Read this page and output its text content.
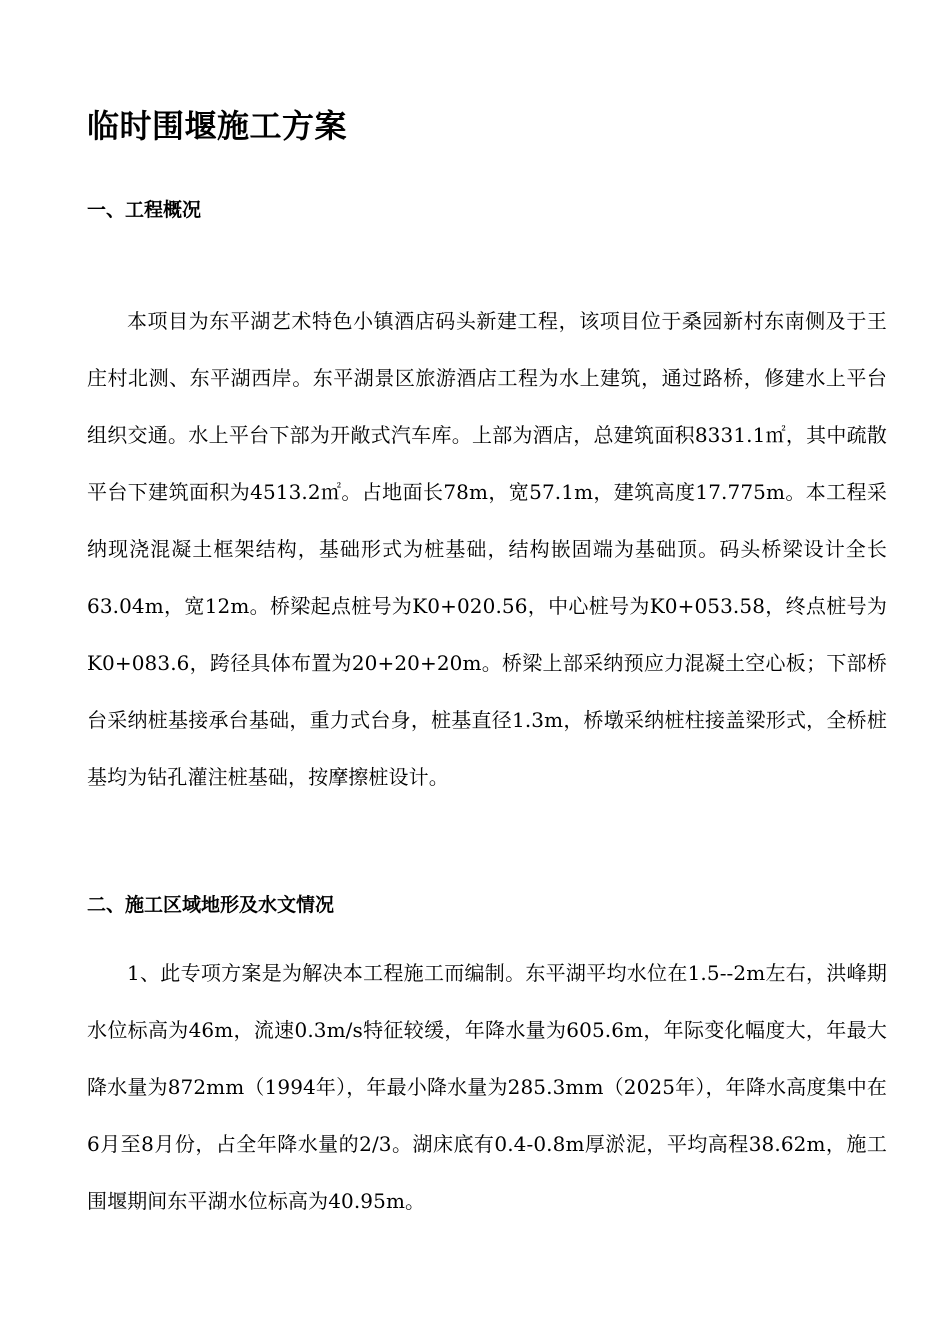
临时围堰施工方案
一、工程概况

本项目为东平湖艺术特色小镇酒店码头新建工程，该项目位于桑园新村东南侧及于王庄村北测、东平湖西岸。东平湖景区旅游酒店工程为水上建筑，通过路桥，修建水上平台组织交通。水上平台下部为开敞式汽车库。上部为酒店，总建筑面积8331.1㎡，其中疏散平台下建筑面积为4513.2㎡。占地面长78m，宽57.1m，建筑高度17.775m。本工程采纳现浇混凝土框架结构，基础形式为桩基础，结构嵌固端为基础顶。码头桥梁设计全长63.04m，宽12m。桥梁起点桩号为K0+020.56，中心桩号为K0+053.58，终点桩号为K0+083.6，跨径具体布置为20+20+20m。桥梁上部采纳预应力混凝土空心板；下部桥台采纳桩基接承台基础，重力式台身，桩基直径1.3m，桥墩采纳桩柱接盖梁形式，全桥桩基均为钻孔灌注桩基础，按摩擦桩设计。

二、施工区域地形及水文情况

1、此专项方案是为解决本工程施工而编制。东平湖平均水位在1.5--2m左右，洪峰期水位标高为46m，流速0.3m/s特征较缓，年降水量为605.6m，年际变化幅度大，年最大降水量为872mm（1994年），年最小降水量为285.3mm（2025年），年降水高度集中在6月至8月份，占全年降水量的2/3。湖床底有0.4-0.8m厚淤泥，平均高程38.62m，施工围堰期间东平湖水位标高为40.95m。
